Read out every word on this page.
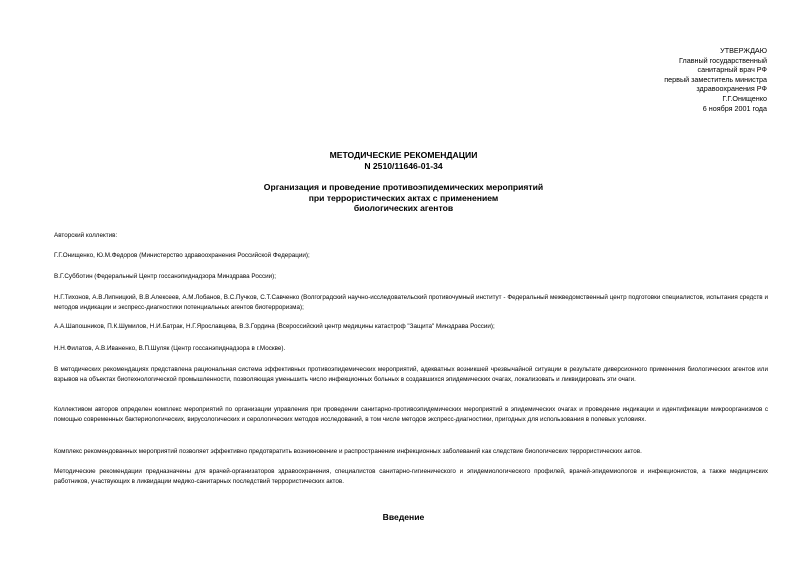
УТВЕРЖДАЮ
Главный государственный
санитарный врач РФ
первый заместитель министра
здравоохранения РФ
Г.Г.Онищенко
6 ноября 2001 года
МЕТОДИЧЕСКИЕ РЕКОМЕНДАЦИИ
N 2510/11646-01-34
Организация и проведение противоэпидемических мероприятий
при террористических актах с применением
биологических агентов

Авторский коллектив:

Г.Г.Онищенко, Ю.М.Федоров (Министерство здравоохранения Российской Федерации);

В.Г.Субботин (Федеральный Центр госсанэпиднадзора Минздрава России);

Н.Г.Тихонов, А.В.Липницкий, В.В.Алексеев, А.М.Лобанов, В.С.Пучков, С.Т.Савченко (Волгоградский научно-исследовательский противочумный институт - Федеральный межведомственный центр подготовки специалистов, испытания средств и методов индикации и экспресс-диагностики потенциальных агентов биотерроризма);

А.А.Шапошников, П.К.Шумилов, Н.И.Батрак, Н.Г.Ярославцева, В.З.Гордина (Всероссийский центр медицины катастроф "Защита" Минздрава России);

Н.Н.Филатов, А.В.Иваненко, В.П.Шуляк (Центр госсанэпиднадзора в г.Москве).

В методических рекомендациях представлена рациональная система эффективных противоэпидемических мероприятий, адекватных возникшей чрезвычайной ситуации в результате диверсионного применения биологических агентов или взрывов на объектах биотехнологической промышленности, позволяющая уменьшить число инфекционных больных в создавшихся эпидемических очагах, локализовать и ликвидировать эти очаги.

Коллективом авторов определен комплекс мероприятий по организации управления при проведении санитарно-противоэпидемических мероприятий в эпидемических очагах и проведение индикации и идентификации микроорганизмов с помощью современных бактериологических, вирусологических и серологических методов исследований, в том числе методов экспресс-диагностики, пригодных для использования в полевых условиях.

Комплекс рекомендованных мероприятий позволяет эффективно предотвратить возникновение и распространение инфекционных заболеваний как следствие биологических террористических актов.

Методические рекомендации предназначены для врачей-организаторов здравоохранения, специалистов санитарно-гигиенического и эпидемиологического профилей, врачей-эпидемиологов и инфекционистов, а также медицинских работников, участвующих в ликвидации медико-санитарных последствий террористических актов.

Введение
